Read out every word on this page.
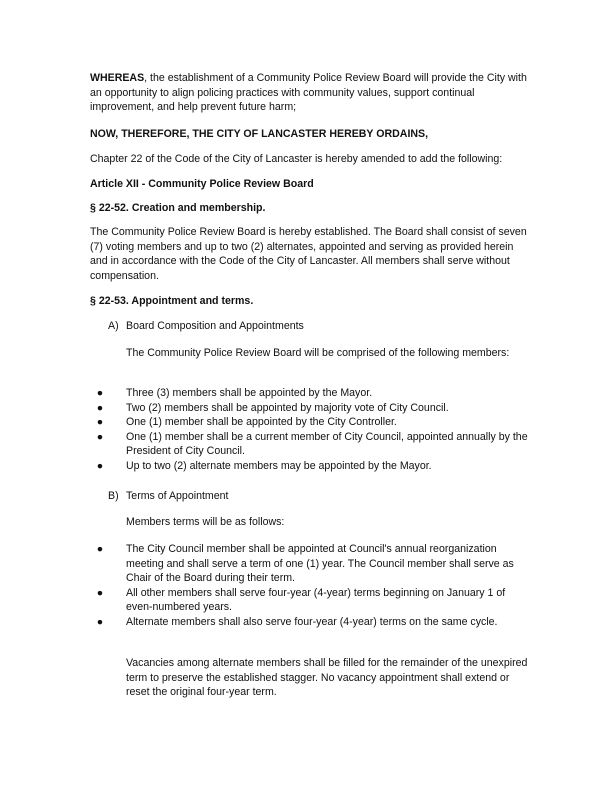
WHEREAS, the establishment of a Community Police Review Board will provide the City with an opportunity to align policing practices with community values, support continual improvement, and help prevent future harm;

NOW, THEREFORE, THE CITY OF LANCASTER HEREBY ORDAINS,

Chapter 22 of the Code of the City of Lancaster is hereby amended to add the following:

Article XII - Community Police Review Board

§ 22-52. Creation and membership.

The Community Police Review Board is hereby established. The Board shall consist of seven (7) voting members and up to two (2) alternates, appointed and serving as provided herein and in accordance with the Code of the City of Lancaster. All members shall serve without compensation.

§ 22-53. Appointment and terms.

A) Board Composition and Appointments

The Community Police Review Board will be comprised of the following members:

●	Three (3) members shall be appointed by the Mayor.
●	Two (2) members shall be appointed by majority vote of City Council.
●	One (1) member shall be appointed by the City Controller.
●	One (1) member shall be a current member of City Council, appointed annually by the President of City Council.
●	Up to two (2) alternate members may be appointed by the Mayor.
B) Terms of Appointment

Members terms will be as follows:

●	The City Council member shall be appointed at Council's annual reorganization meeting and shall serve a term of one (1) year. The Council member shall serve as Chair of the Board during their term.
●	All other members shall serve four-year (4-year) terms beginning on January 1 of even-numbered years.
●	Alternate members shall also serve four-year (4-year) terms on the same cycle.

Vacancies among alternate members shall be filled for the remainder of the unexpired term to preserve the established stagger. No vacancy appointment shall extend or reset the original four-year term.
